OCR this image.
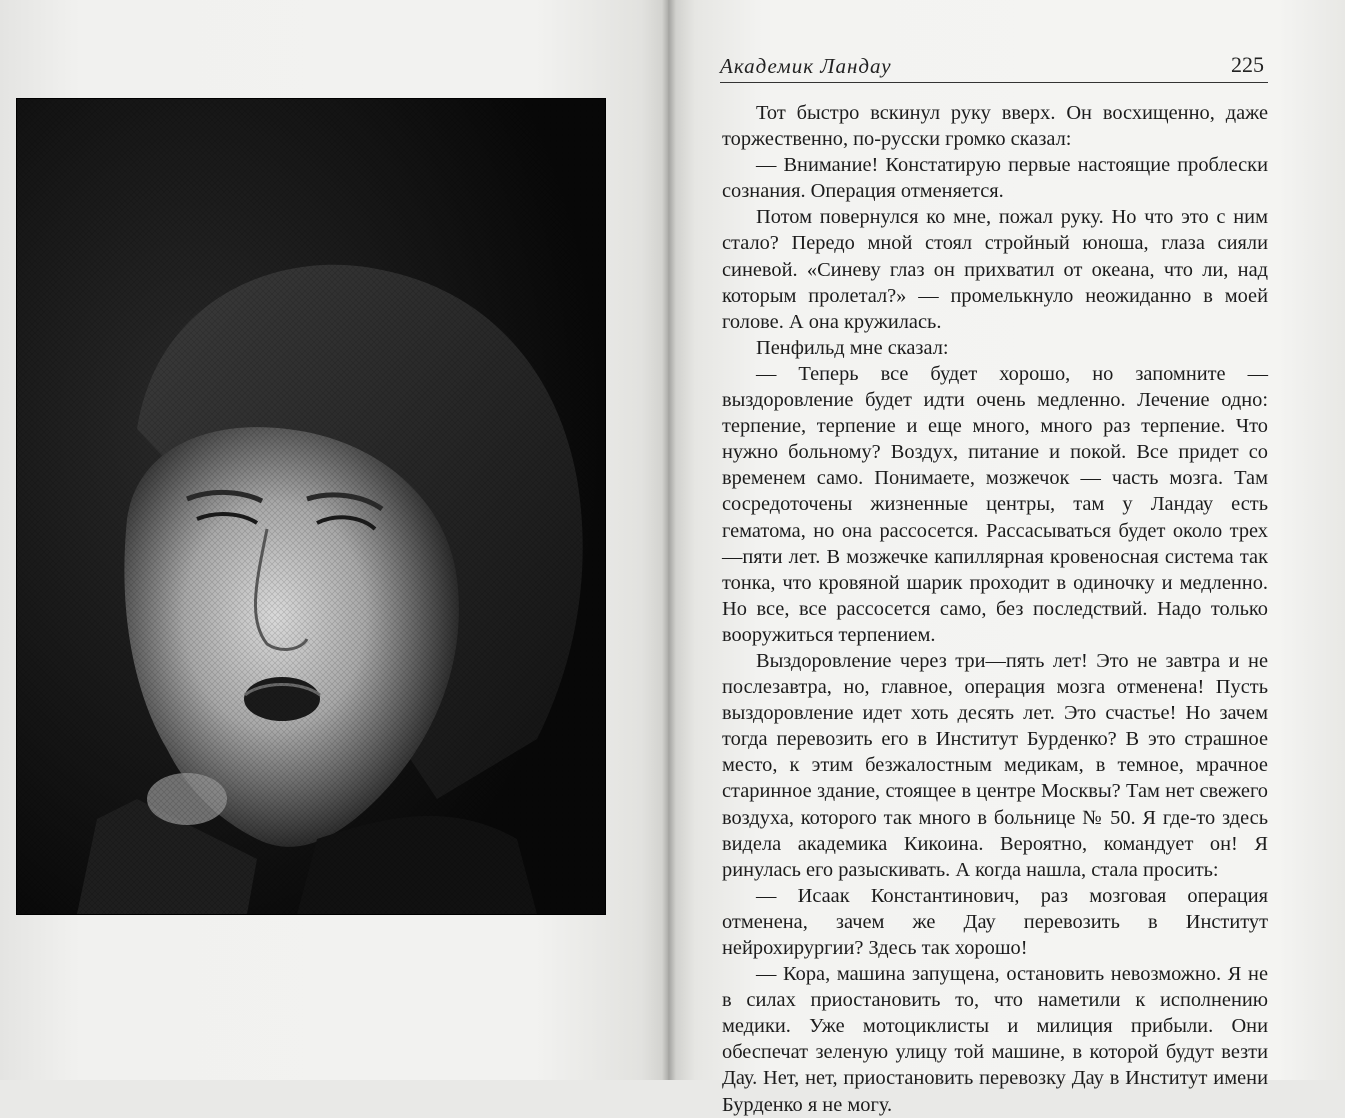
Академик Ландау	225

Тот быстро вскинул руку вверх. Он восхищенно, даже торжественно, по-русски громко сказал:

— Внимание! Констатирую первые настоящие проблески сознания. Операция отменяется.

Потом повернулся ко мне, пожал руку. Но что это с ним стало? Передо мной стоял стройный юноша, глаза сияли синевой. «Синеву глаз он прихватил от океана, что ли, над которым пролетал?» — промелькнуло неожиданно в моей голове. А она кружилась.

Пенфильд мне сказал:

— Теперь все будет хорошо, но запомните — выздоровление будет идти очень медленно. Лечение одно: терпение, терпение и еще много, много раз терпение. Что нужно больному? Воздух, питание и покой. Все придет со временем само. Понимаете, мозжечок — часть мозга. Там сосредоточены жизненные центры, там у Ландау есть гематома, но она рассосется. Рассасываться будет около трех—пяти лет. В мозжечке капиллярная кровеносная система так тонка, что кровяной шарик проходит в одиночку и медленно. Но все, все рассосется само, без последствий. Надо только вооружиться терпением.

Выздоровление через три—пять лет! Это не завтра и не послезавтра, но, главное, операция мозга отменена! Пусть выздоровление идет хоть десять лет. Это счастье! Но зачем тогда перевозить его в Институт Бурденко? В это страшное место, к этим безжалостным медикам, в темное, мрачное старинное здание, стоящее в центре Москвы? Там нет свежего воздуха, которого так много в больнице № 50. Я где-то здесь видела академика Кикоина. Вероятно, командует он! Я ринулась его разыскивать. А когда нашла, стала просить:

— Исаак Константинович, раз мозговая операция отменена, зачем же Дау перевозить в Институт нейрохирургии? Здесь так хорошо!

— Кора, машина запущена, остановить невозможно. Я не в силах приостановить то, что наметили к исполнению медики. Уже мотоциклисты и милиция прибыли. Они обеспечат зеленую улицу той машине, в которой будут везти Дау. Нет, нет, приостановить перевозку Дау в Институт имени Бурденко я не могу.
